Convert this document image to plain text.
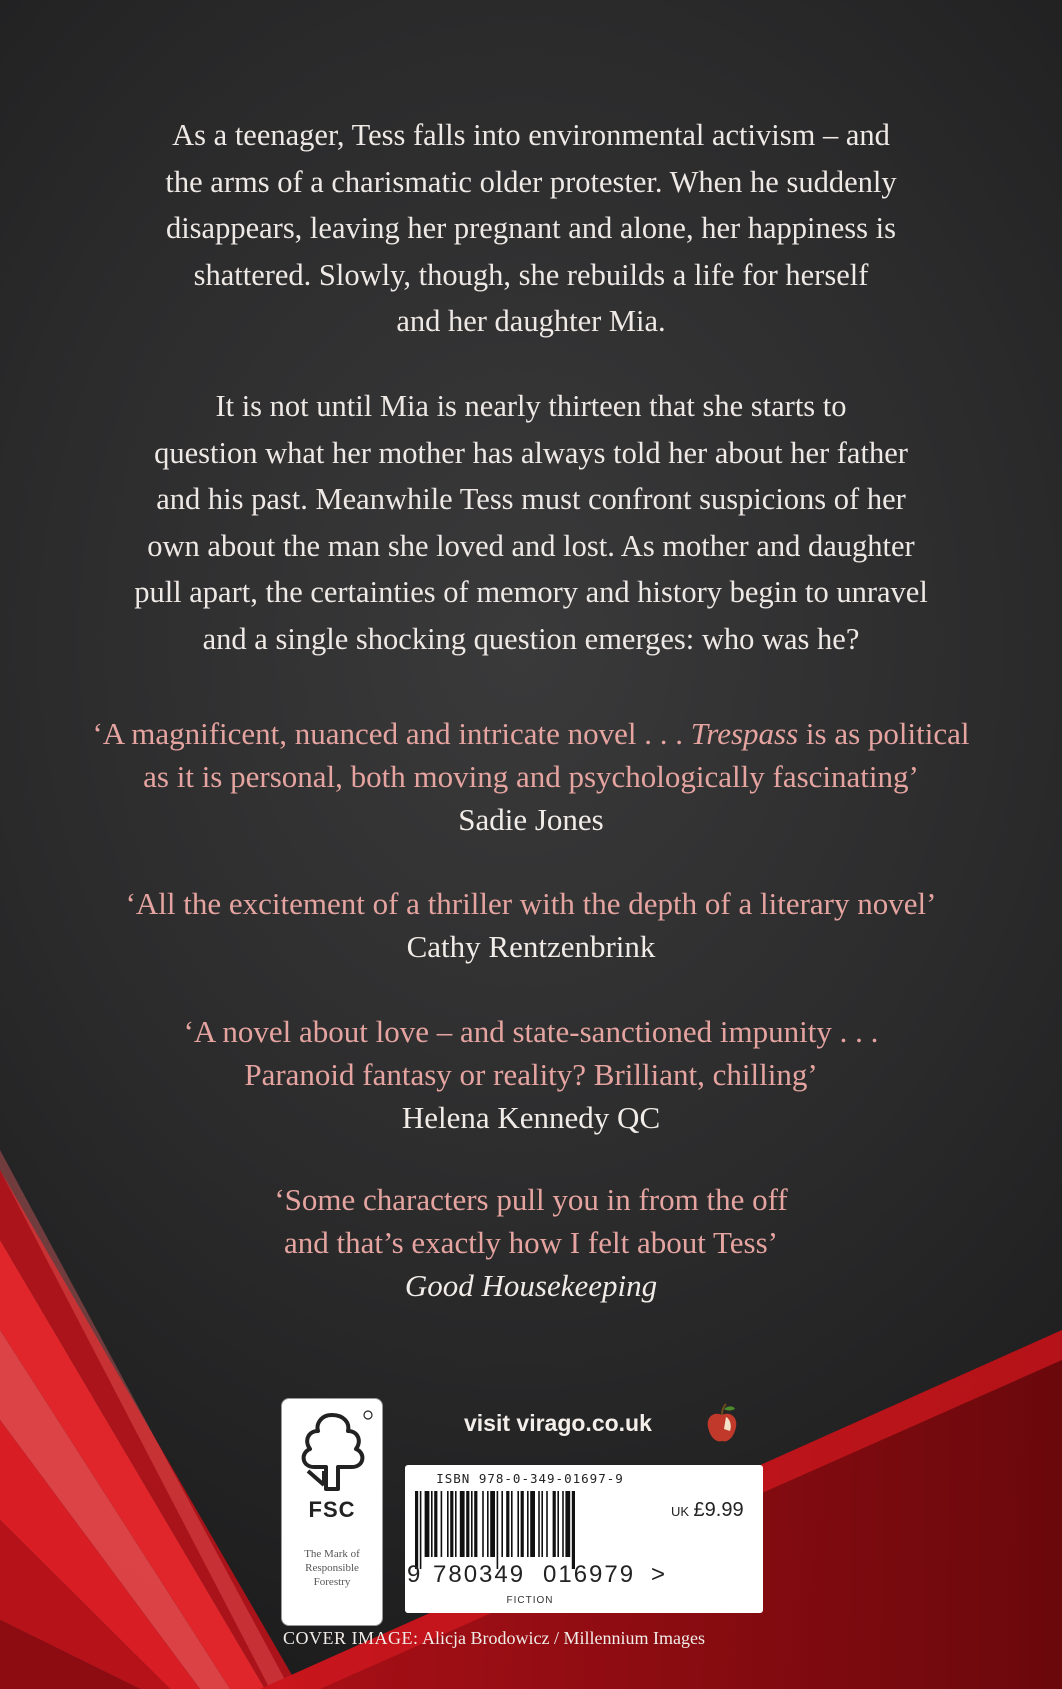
As a teenager, Tess falls into environmental activism – and

the arms of a charismatic older protester. When he suddenly

disappears, leaving her pregnant and alone, her happiness is

shattered. Slowly, though, she rebuilds a life for herself

and her daughter Mia.

It is not until Mia is nearly thirteen that she starts to

question what her mother has always told her about her father

and his past. Meanwhile Tess must confront suspicions of her

own about the man she loved and lost. As mother and daughter

pull apart, the certainties of memory and history begin to unravel

and a single shocking question emerges: who was he?

‘A magnificent, nuanced and intricate novel . . . Trespass is as political
as it is personal, both moving and psychologically fascinating’
Sadie Jones
‘All the excitement of a thriller with the depth of a literary novel’
Cathy Rentzenbrink
‘A novel about love – and state-sanctioned impunity . . .
Paranoid fantasy or reality? Brilliant, chilling’
Helena Kennedy QC
‘Some characters pull you in from the off
and that’s exactly how I felt about Tess’
Good Housekeeping
FSC
The Mark of Responsible Forestry
visit virago.co.uk
ISBN 978-0-349-01697-9
UK £9.99
9 780349 016979 >
FICTION
COVER IMAGE: Alicja Brodowicz / Millennium Images
